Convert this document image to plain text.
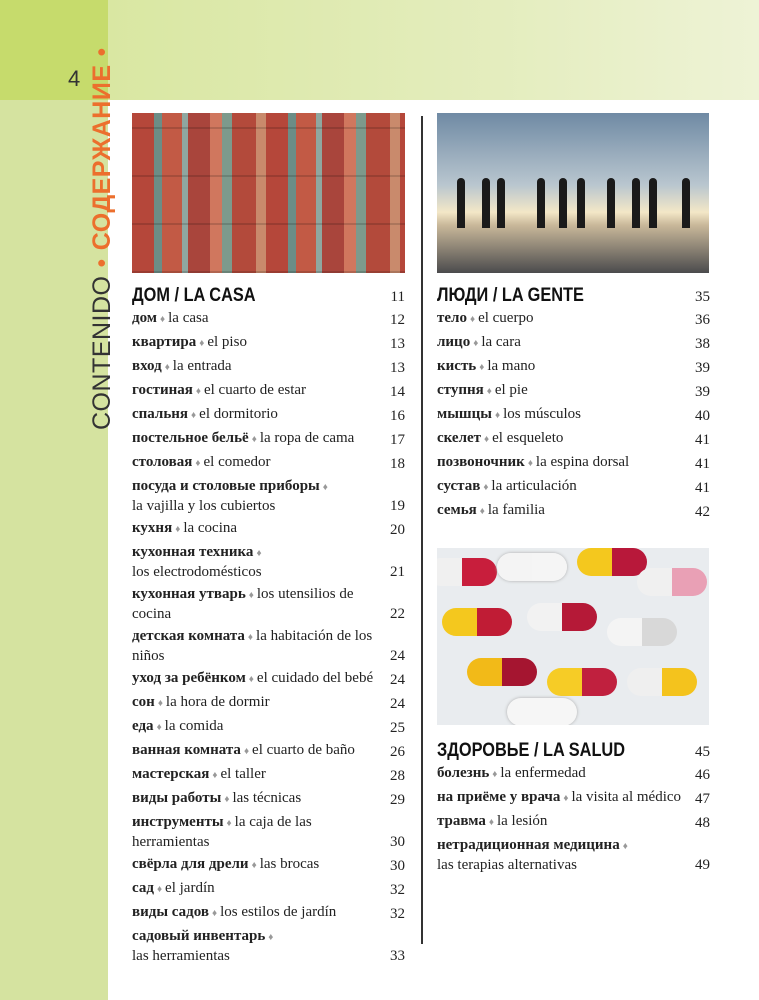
4
CONTENIDO•СОДЕРЖАНИЕ•
ДОМ / LA CASA	11
дом ♦ la casa	12
квартира ♦ el piso	13
вход ♦ la entrada	13
гостиная ♦ el cuarto de estar	14
спальня ♦ el dormitorio	16
постельное бельё ♦ la ropa de cama	17
столовая ♦ el comedor	18
посуда и столовые приборы ♦
la vajilla y los cubiertos	19
кухня ♦ la cocina	20
кухонная техника ♦
los electrodomésticos	21
кухонная утварь ♦ los utensilios de cocina	22
детская комната ♦ la habitación de los niños	24
уход за ребёнком ♦ el cuidado del bebé	24
сон ♦ la hora de dormir	24
еда ♦ la comida	25
ванная комната ♦ el cuarto de baño	26
мастерская ♦ el taller	28
виды работы ♦ las técnicas	29
инструменты ♦ la caja de las herramientas	30
свёрла для дрели ♦ las brocas	30
сад ♦ el jardín	32
виды садов ♦ los estilos de jardín	32
садовый инвентарь ♦
las herramientas	33
ЛЮДИ / LA GENTE	35
тело ♦ el cuerpo	36
лицо ♦ la cara	38
кисть ♦ la mano	39
ступня ♦ el pie	39
мышцы ♦ los músculos	40
скелет ♦ el esqueleto	41
позвоночник ♦ la espina dorsal	41
сустав ♦ la articulación	41
семья ♦ la familia	42
ЗДОРОВЬЕ / LA SALUD	45
болезнь ♦ la enfermedad	46
на приёме у врача ♦ la visita al médico 47
травма ♦ la lesión	48
нетрадиционная медицина ♦
las terapias alternativas	49
